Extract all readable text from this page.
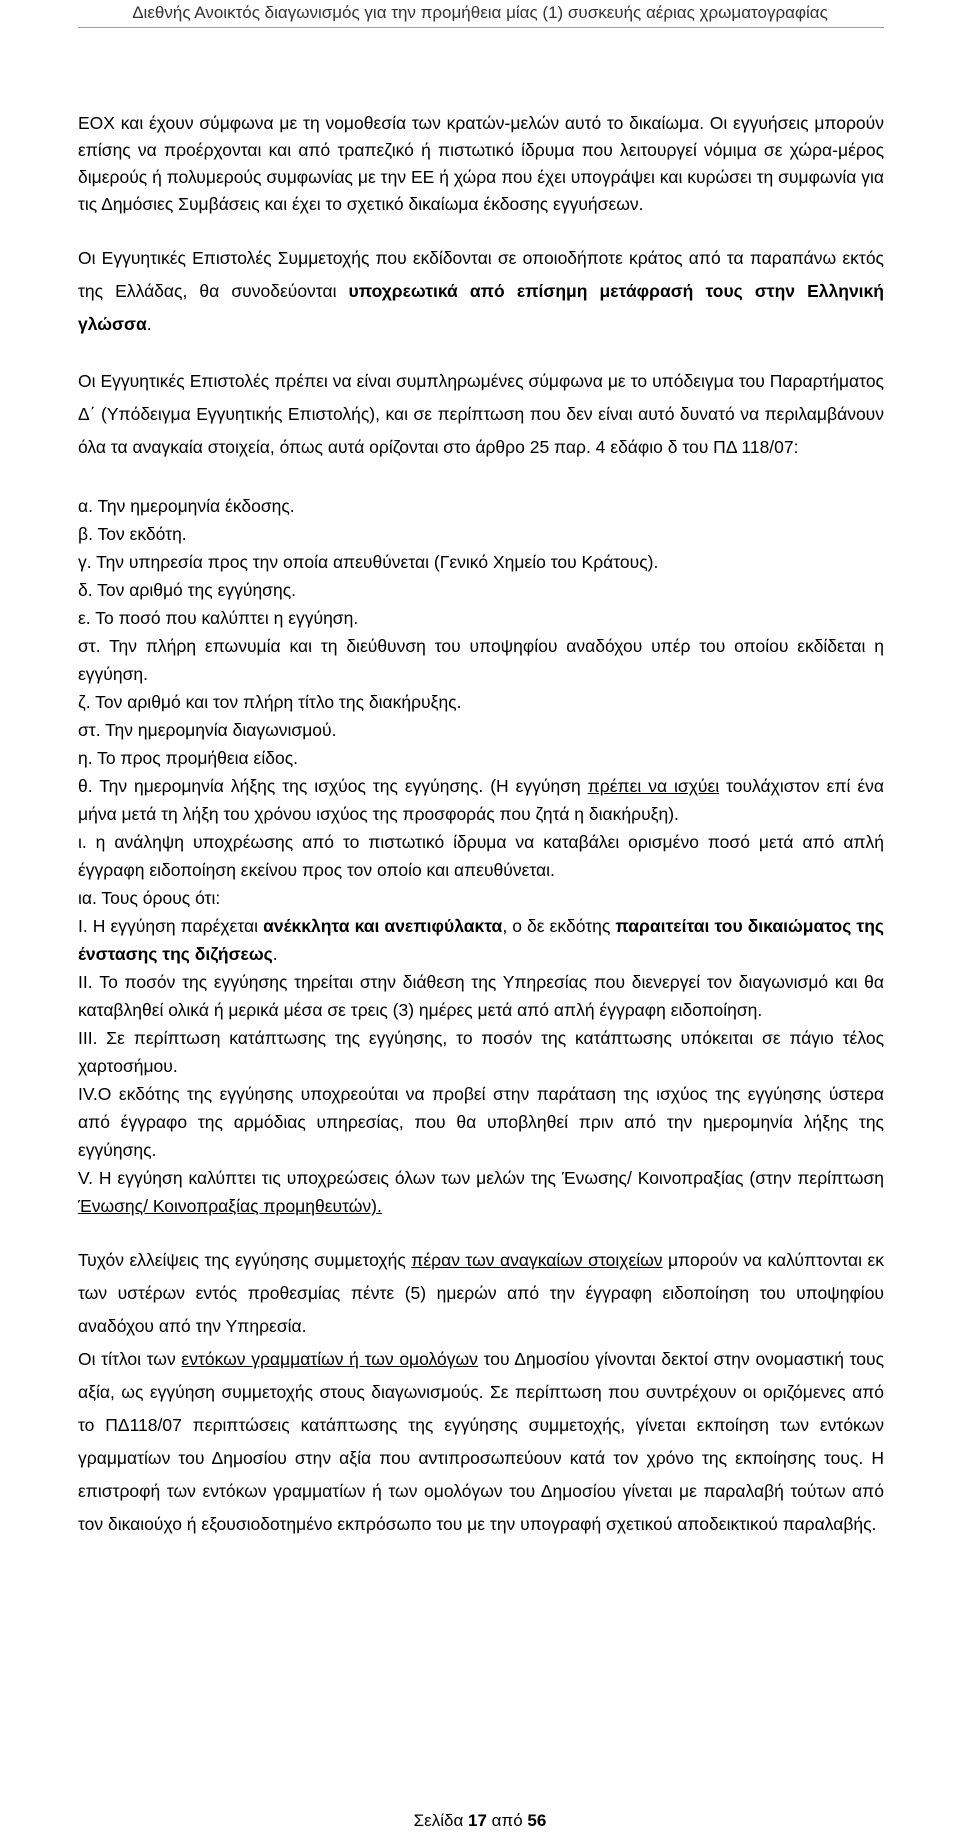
Διεθνής Ανοικτός διαγωνισμός για την προμήθεια μίας (1) συσκευής αέριας χρωματογραφίας

ΕΟΧ και έχουν σύμφωνα με τη νομοθεσία των κρατών-μελών αυτό το δικαίωμα. Οι εγγυήσεις μπορούν επίσης να προέρχονται και από τραπεζικό ή πιστωτικό ίδρυμα που λειτουργεί νόμιμα σε χώρα-μέρος διμερούς ή πολυμερούς συμφωνίας με την ΕΕ ή χώρα που έχει υπογράψει και κυρώσει τη συμφωνία για τις Δημόσιες Συμβάσεις και έχει το σχετικό δικαίωμα έκδοσης εγγυήσεων.

Οι Εγγυητικές Επιστολές Συμμετοχής που εκδίδονται σε οποιοδήποτε κράτος από τα παραπάνω εκτός της Ελλάδας, θα συνοδεύονται υποχρεωτικά από επίσημη μετάφρασή τους στην Ελληνική γλώσσα.

Οι Εγγυητικές Επιστολές πρέπει να είναι συμπληρωμένες σύμφωνα με το υπόδειγμα του Παραρτήματος Δ΄ (Υπόδειγμα Εγγυητικής Επιστολής), και σε περίπτωση που δεν είναι αυτό δυνατό να περιλαμβάνουν όλα τα αναγκαία στοιχεία, όπως αυτά ορίζονται στο άρθρο 25 παρ. 4 εδάφιο δ του ΠΔ 118/07:

α. Την ημερομηνία έκδοσης.

β. Τον εκδότη.

γ. Την υπηρεσία προς την οποία απευθύνεται (Γενικό Χημείο του Κράτους).

δ. Τον αριθμό της εγγύησης.

ε. Το ποσό που καλύπτει η εγγύηση.

στ. Την πλήρη επωνυμία και τη διεύθυνση του υποψηφίου αναδόχου υπέρ του οποίου εκδίδεται η εγγύηση.

ζ. Τον αριθμό και τον πλήρη τίτλο της διακήρυξης.

στ. Την ημερομηνία διαγωνισμού.

η. Το προς προμήθεια είδος.

θ. Την ημερομηνία λήξης της ισχύος της εγγύησης. (Η εγγύηση πρέπει να ισχύει τουλάχιστον επί ένα μήνα μετά τη λήξη του χρόνου ισχύος της προσφοράς που ζητά η διακήρυξη).

ι. η ανάληψη υποχρέωσης από το πιστωτικό ίδρυμα να καταβάλει ορισμένο ποσό μετά από απλή έγγραφη ειδοποίηση εκείνου προς τον οποίο και απευθύνεται.

ια. Τους όρους ότι:

I. Η εγγύηση παρέχεται ανέκκλητα και ανεπιφύλακτα, ο δε εκδότης παραιτείται του δικαιώματος της ένστασης της διζήσεως.

II. Το ποσόν της εγγύησης τηρείται στην διάθεση της Υπηρεσίας που διενεργεί τον διαγωνισμό και θα καταβληθεί ολικά ή μερικά μέσα σε τρεις (3) ημέρες μετά από απλή έγγραφη ειδοποίηση.

III. Σε περίπτωση κατάπτωσης της εγγύησης, το ποσόν της κατάπτωσης υπόκειται σε πάγιο τέλος χαρτοσήμου.

IV.Ο εκδότης της εγγύησης υποχρεούται να προβεί στην παράταση της ισχύος της εγγύησης ύστερα από έγγραφο της αρμόδιας υπηρεσίας, που θα υποβληθεί πριν από την ημερομηνία λήξης της εγγύησης.

V. Η εγγύηση καλύπτει τις υποχρεώσεις όλων των μελών της Ένωσης/ Κοινοπραξίας (στην περίπτωση Ένωσης/ Κοινοπραξίας προμηθευτών).

Τυχόν ελλείψεις της εγγύησης συμμετοχής πέραν των αναγκαίων στοιχείων μπορούν να καλύπτονται εκ των υστέρων εντός προθεσμίας πέντε (5) ημερών από την έγγραφη ειδοποίηση του υποψηφίου αναδόχου από την Υπηρεσία.

Οι τίτλοι των εντόκων γραμματίων ή των ομολόγων του Δημοσίου γίνονται δεκτοί στην ονομαστική τους αξία, ως εγγύηση συμμετοχής στους διαγωνισμούς. Σε περίπτωση που συντρέχουν οι οριζόμενες από το ΠΔ118/07 περιπτώσεις κατάπτωσης της εγγύησης συμμετοχής, γίνεται εκποίηση των εντόκων γραμματίων του Δημοσίου στην αξία που αντιπροσωπεύουν κατά τον χρόνο της εκποίησης τους. Η επιστροφή των εντόκων γραμματίων ή των ομολόγων του Δημοσίου γίνεται με παραλαβή τούτων από τον δικαιούχο ή εξουσιοδοτημένο εκπρόσωπο του με την υπογραφή σχετικού αποδεικτικού παραλαβής.

Σελίδα 17 από 56
